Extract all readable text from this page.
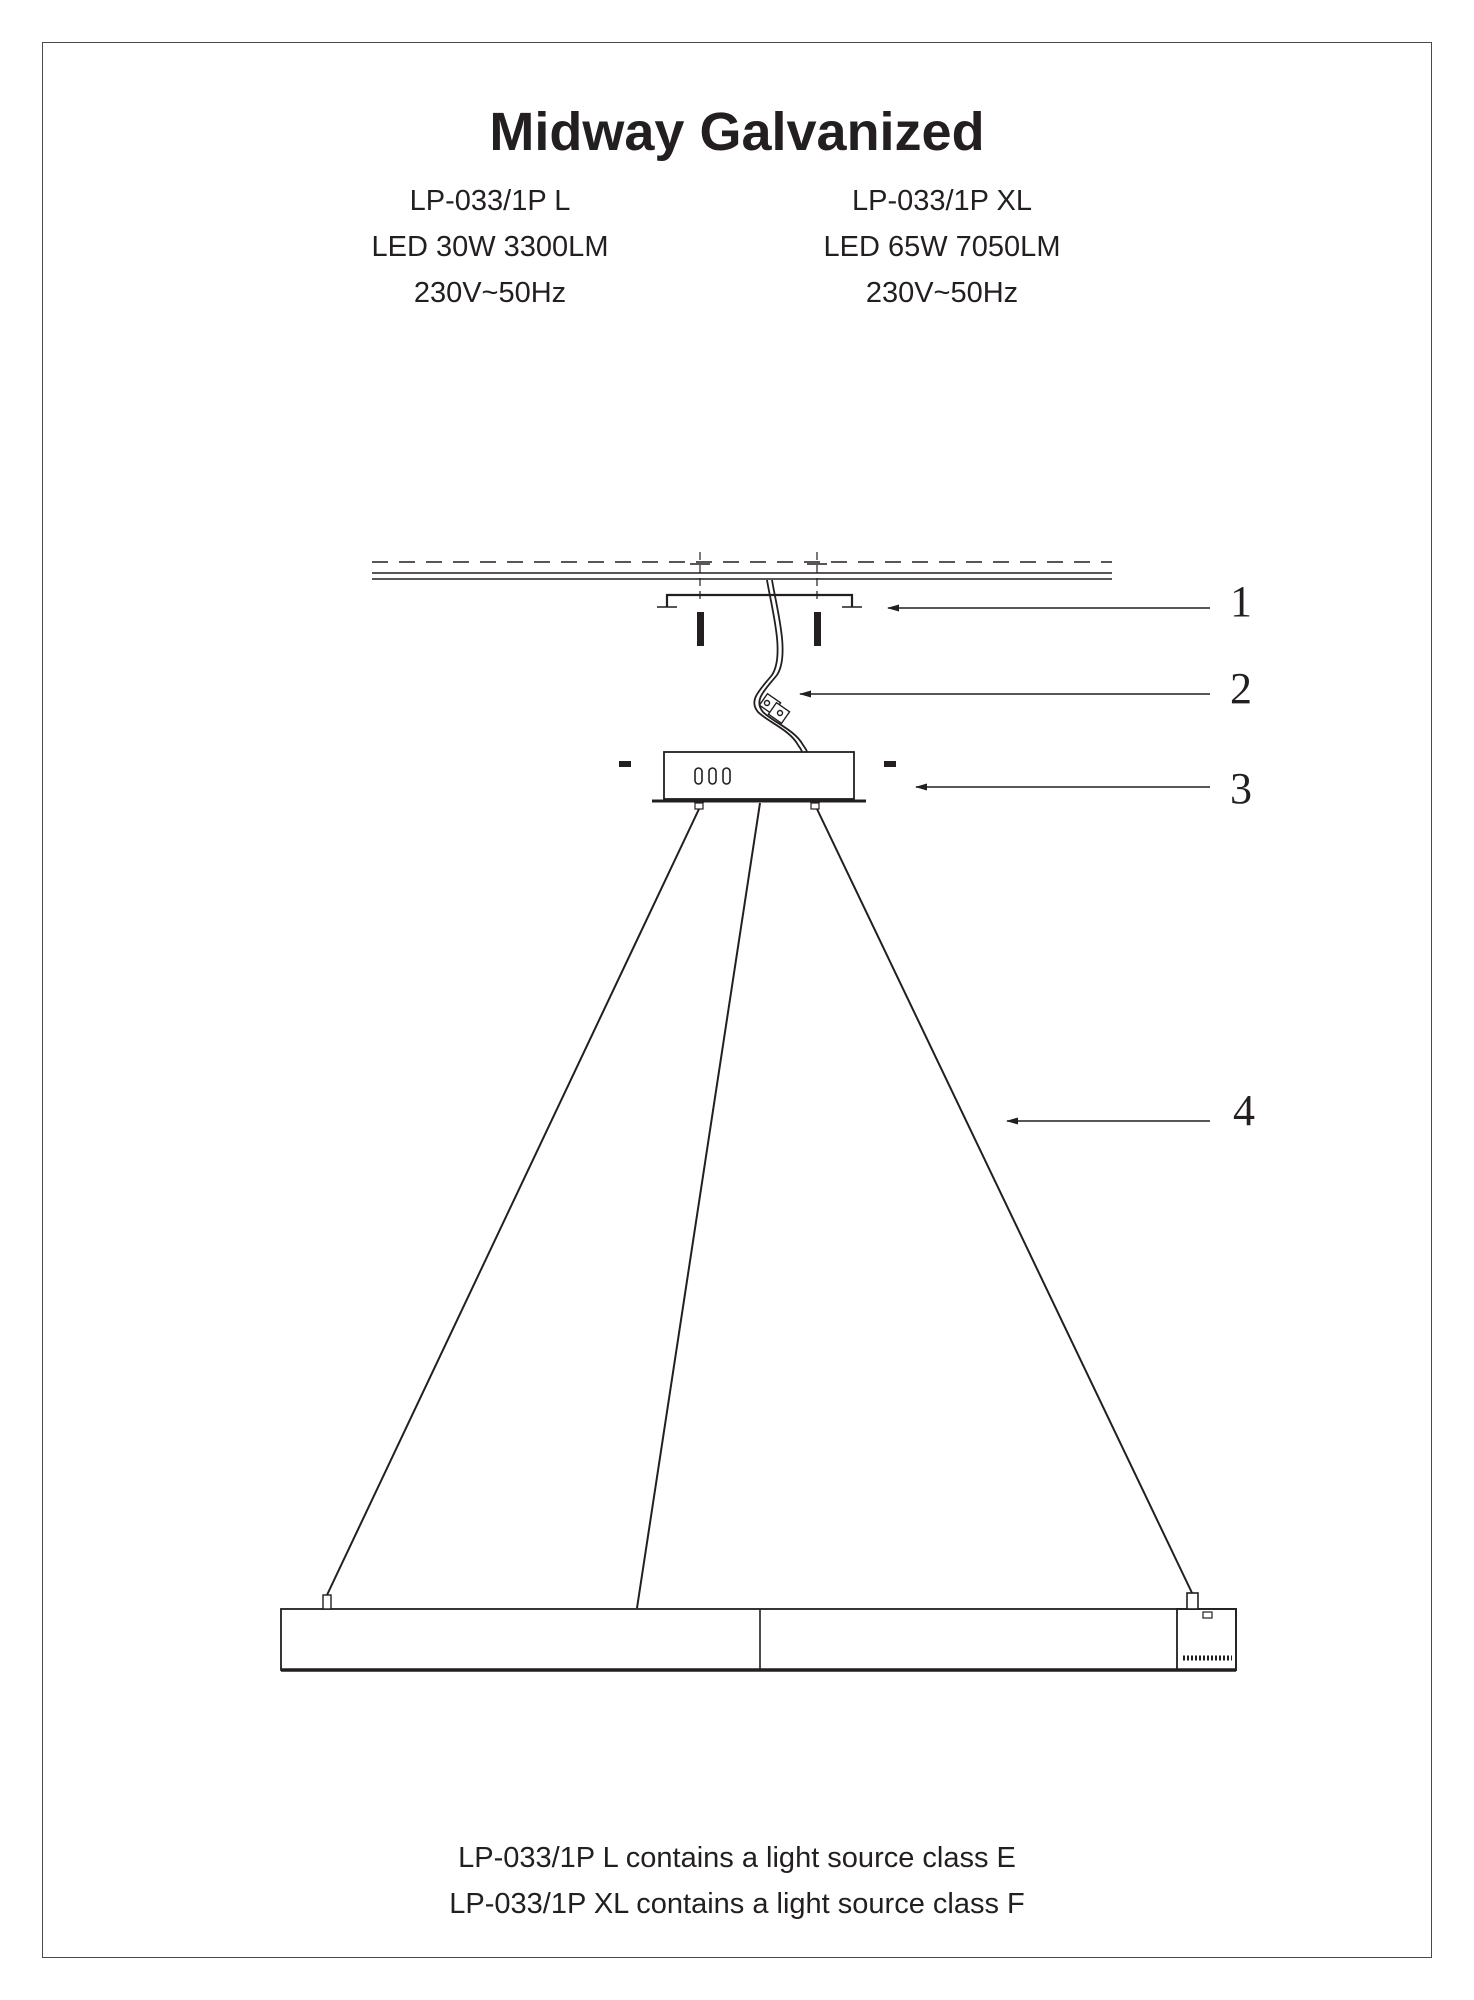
Midway Galvanized
LP-033/1P L
LED 30W 3300LM
230V~50Hz
LP-033/1P XL
LED 65W 7050LM
230V~50Hz
1
2
3
4
LP-033/1P L contains a light source class E
LP-033/1P XL contains a light source class F
